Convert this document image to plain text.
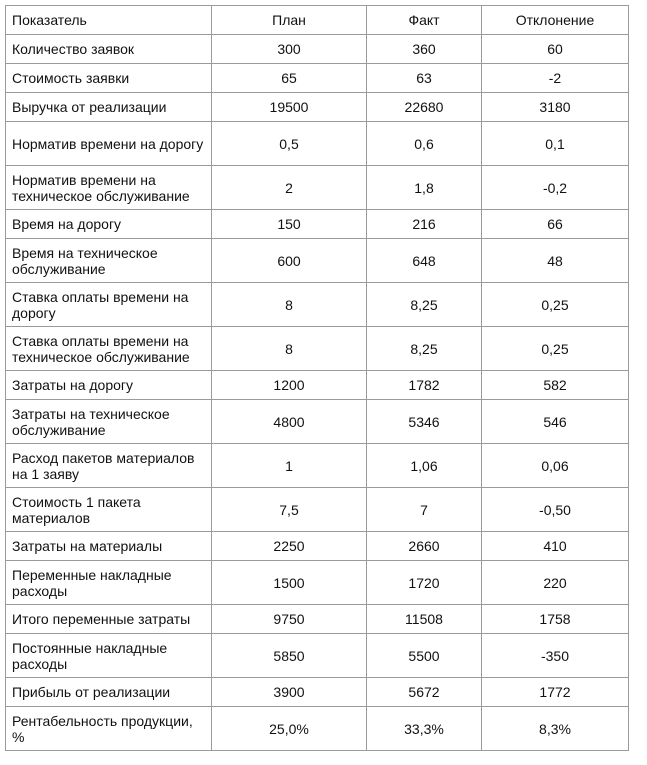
Показатель	План	Факт	Отклонение
Количество заявок	300	360	60
Стоимость заявки	65	63	-2
Выручка от реализации	19500	22680	3180
Норматив времени на дорогу	0,5	0,6	0,1
Норматив времени на техническое обслуживание	2	1,8	-0,2
Время на дорогу	150	216	66
Время на техническое обслуживание	600	648	48
Ставка оплаты времени на дорогу	8	8,25	0,25
Ставка оплаты времени на техническое обслуживание	8	8,25	0,25
Затраты на дорогу	1200	1782	582
Затраты на техническое обслуживание	4800	5346	546
Расход пакетов материалов на 1 заяву	1	1,06	0,06
Стоимость 1 пакета материалов	7,5	7	-0,50
Затраты на материалы	2250	2660	410
Переменные накладные расходы	1500	1720	220
Итого переменные затраты	9750	11508	1758
Постоянные накладные расходы	5850	5500	-350
Прибыль от реализации	3900	5672	1772
Рентабельность продукции, %	25,0%	33,3%	8,3%
